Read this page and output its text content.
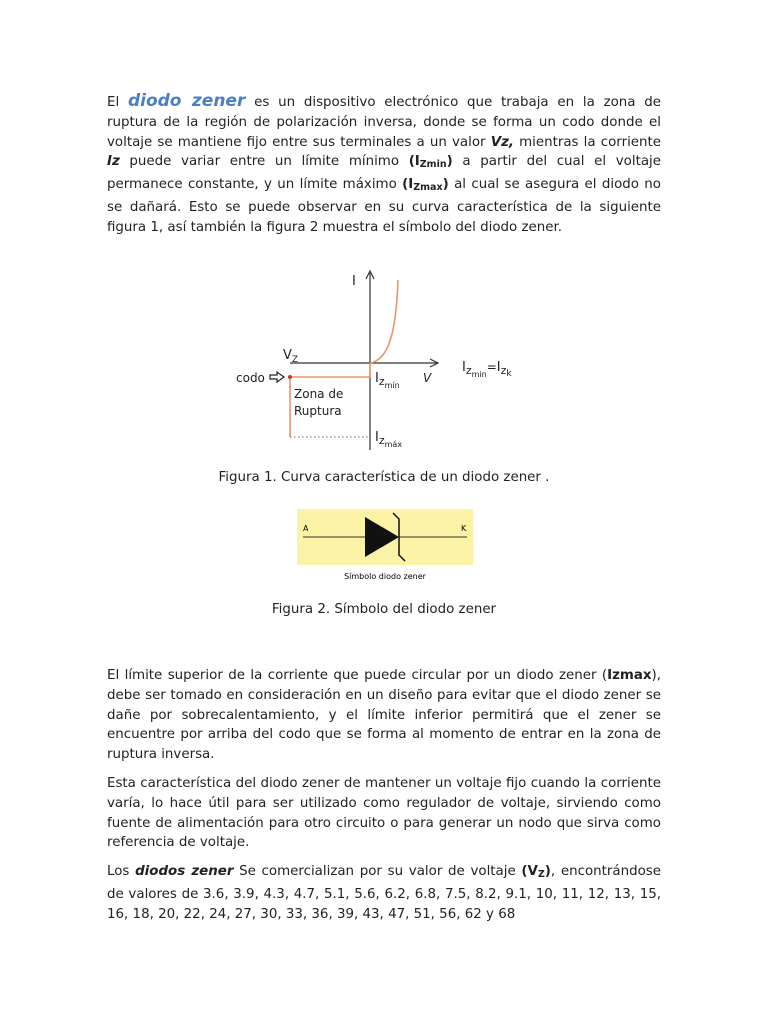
El diodo zener es un dispositivo electrónico que trabaja en la zona de ruptura de la región de polarización inversa, donde se forma un codo donde el voltaje se mantiene fijo entre sus terminales a un valor Vz, mientras la corriente Iz puede variar entre un límite mínimo $(I_{Zmin})$ a partir del cual el voltaje permanece constante, y un límite máximo $(I_{Zmax})$ al cual se asegura el diodo no se dañará. Esto se puede observar en su curva característica de la siguiente figura 1, así también la figura 2 muestra el símbolo del diodo zener.

I
V
$V_Z$
codo
Zona de
Ruptura
$I_{zmín}$
$I_{zmáx}$
$I_{zmin}=I_zk$
Figura 1. Curva característica de un diodo zener .
A	K
Símbolo diodo zener
Figura 2. Símbolo del diodo zener

El límite superior de la corriente que puede circular por un diodo zener (Izmax), debe ser tomado en consideración en un diseño para evitar que el diodo zener se dañe por sobrecalentamiento, y el límite inferior permitirá que el zener se encuentre por arriba del codo que se forma al momento de entrar en la zona de ruptura inversa.

Esta característica del diodo zener de mantener un voltaje fijo cuando la corriente varía, lo hace útil para ser utilizado como regulador de voltaje, sirviendo como fuente de alimentación para otro circuito o para generar un nodo que sirva como referencia de voltaje.

Los diodos zener Se comercializan por su valor de voltaje $(V_Z)$, encontrándose de valores de 3.6, 3.9, 4.3, 4.7, 5.1, 5.6, 6.2, 6.8, 7.5, 8.2, 9.1, 10, 11, 12, 13, 15, 16, 18, 20, 22, 24, 27, 30, 33, 36, 39, 43, 47, 51, 56, 62 y 68
